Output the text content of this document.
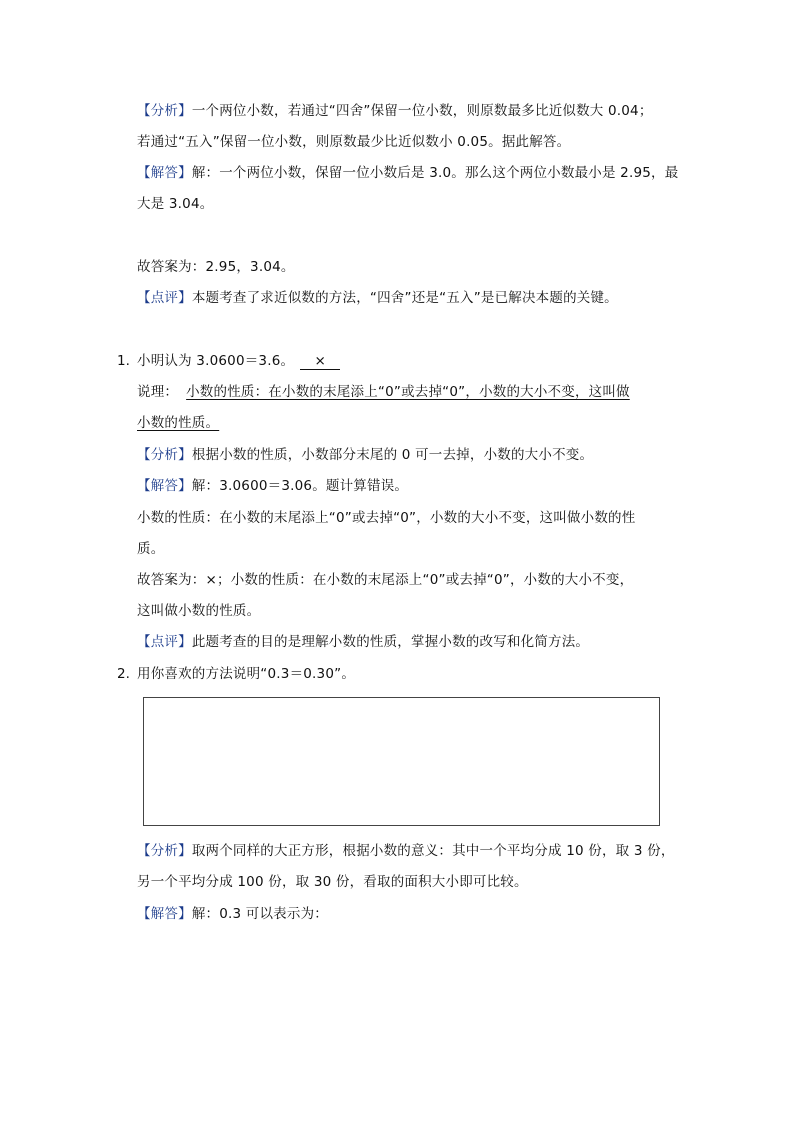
【分析】一个两位小数，若通过“四舍”保留一位小数，则原数最多比近似数大 0.04；
若通过“五入”保留一位小数，则原数最少比近似数小 0.05。据此解答。
【解答】解：一个两位小数，保留一位小数后是 3.0。那么这个两位小数最小是 2.95，最
大是 3.04。
故答案为：2.95，3.04。
【点评】本题考查了求近似数的方法，“四舍”还是“五入”是已解决本题的关键。
1. 小明认为 3.0600＝3.6。 ×
说理： 小数的性质：在小数的末尾添上“0”或去掉“0”，小数的大小不变，这叫做
小数的性质。
【分析】根据小数的性质，小数部分末尾的 0 可一去掉，小数的大小不变。
【解答】解：3.0600＝3.06。题计算错误。
小数的性质：在小数的末尾添上“0”或去掉“0”，小数的大小不变，这叫做小数的性
质。
故答案为：×；小数的性质：在小数的末尾添上“0”或去掉“0”，小数的大小不变，
这叫做小数的性质。
【点评】此题考查的目的是理解小数的性质，掌握小数的改写和化简方法。
2. 用你喜欢的方法说明“0.3＝0.30”。
【分析】取两个同样的大正方形，根据小数的意义：其中一个平均分成 10 份，取 3 份，
另一个平均分成 100 份，取 30 份，看取的面积大小即可比较。
【解答】解：0.3 可以表示为：
